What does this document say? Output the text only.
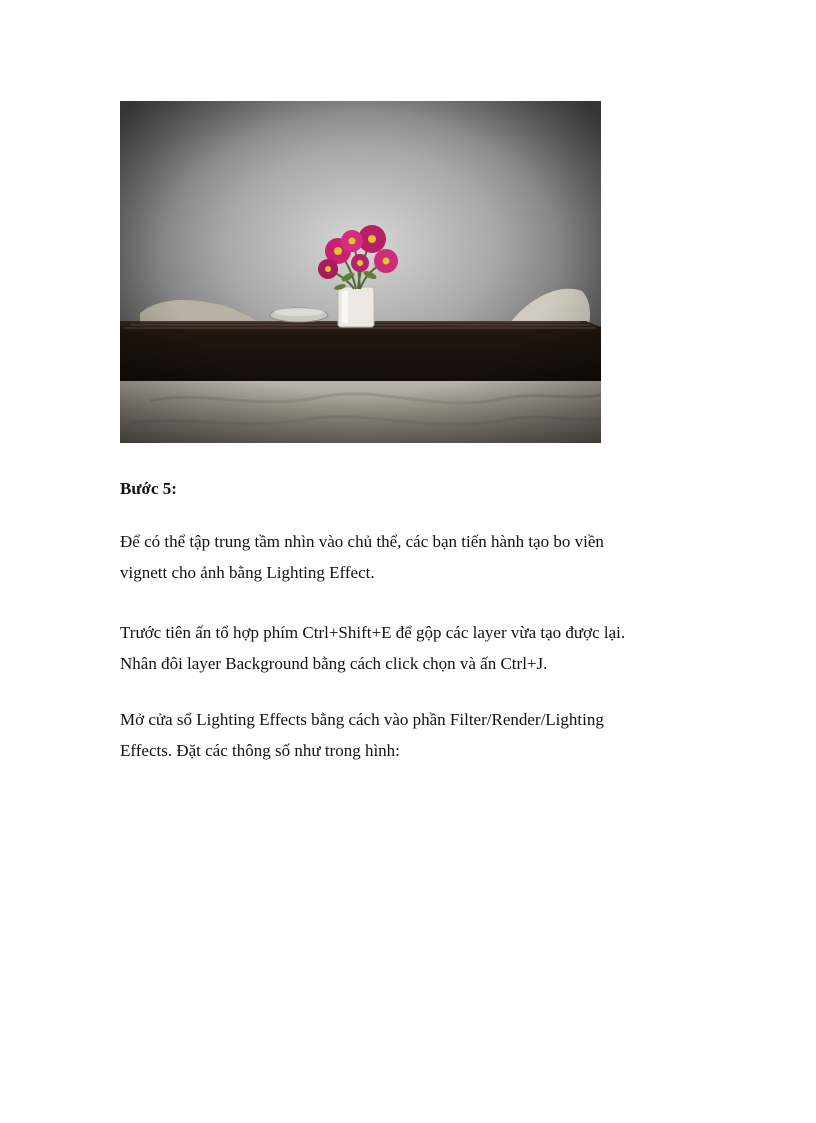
Bước 5:

Để có thể tập trung tầm nhìn vào chủ thể, các bạn tiến hành tạo bo viền
vignett cho ảnh bằng Lighting Effect.

Trước tiên ấn tổ hợp phím Ctrl+Shift+E để gộp các layer vừa tạo được lại.
Nhân đôi layer Background bằng cách click chọn và ấn Ctrl+J.

Mở cửa sổ Lighting Effects bằng cách vào phần Filter/Render/Lighting
Effects. Đặt các thông số như trong hình:
